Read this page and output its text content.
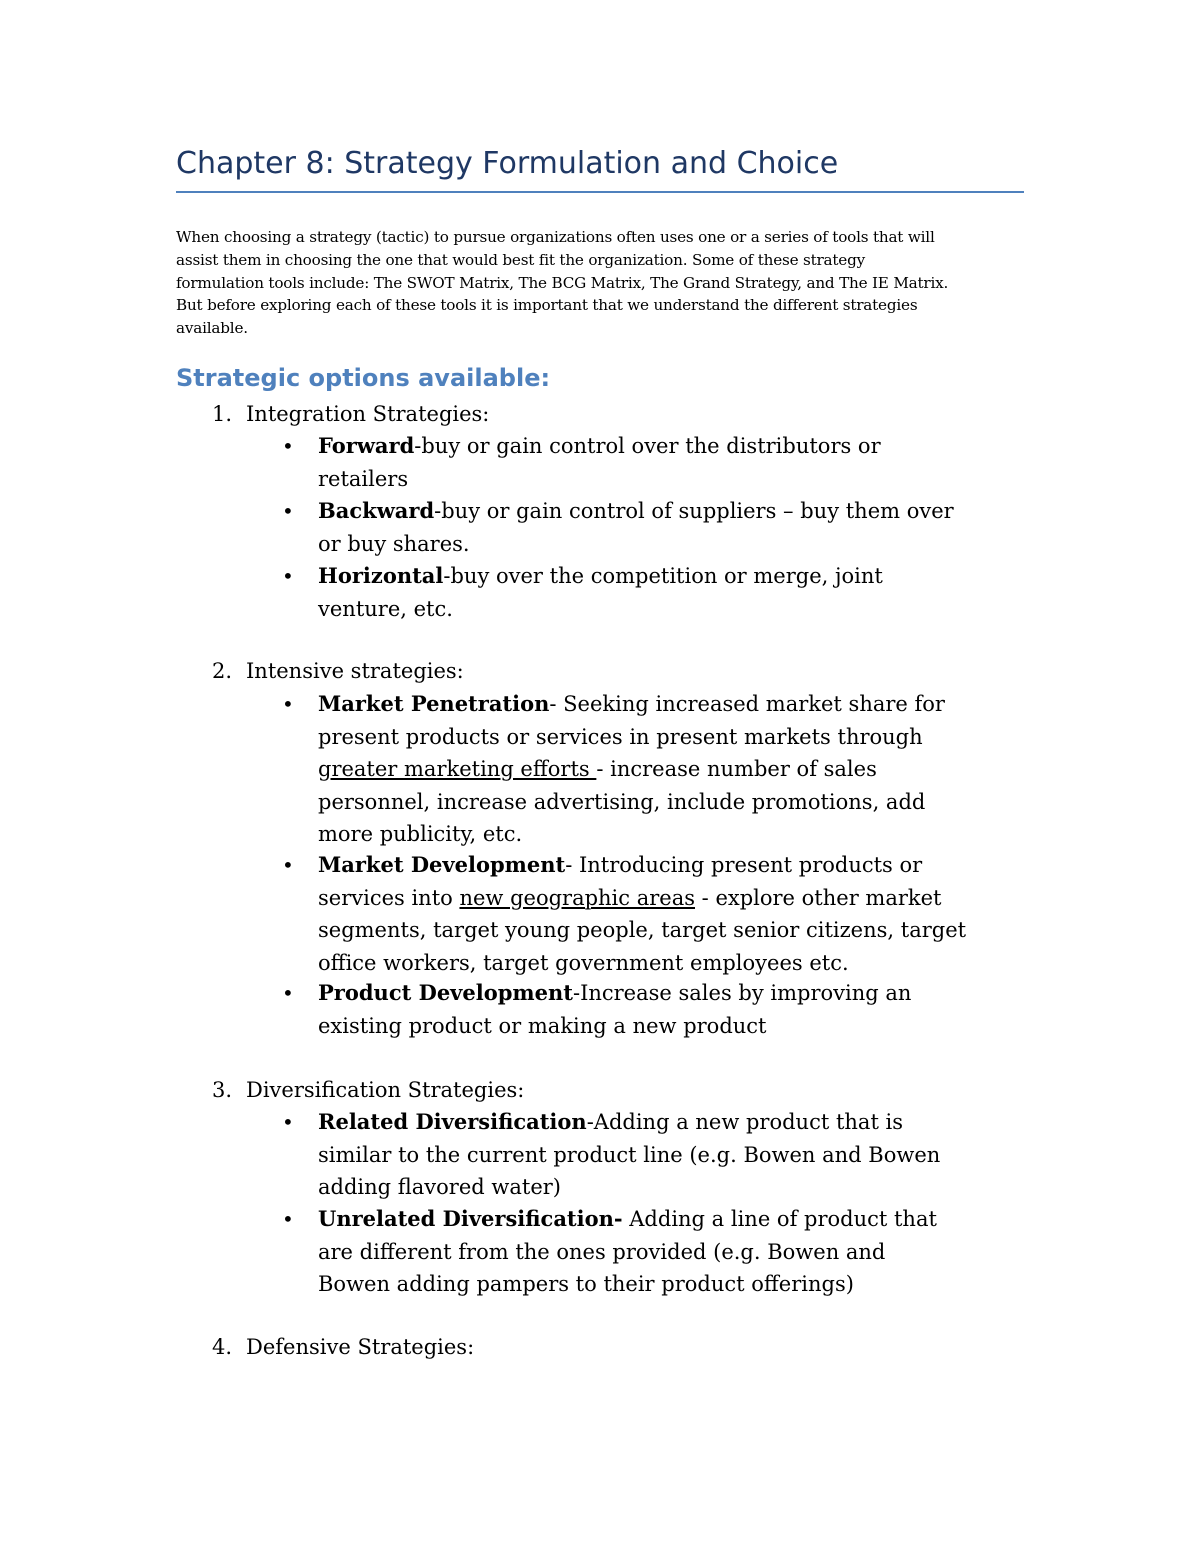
Chapter 8: Strategy Formulation and Choice

When choosing a strategy (tactic) to pursue organizations often uses one or a series of tools that will
assist them in choosing the one that would best fit the organization. Some of these strategy
formulation tools include: The SWOT Matrix, The BCG Matrix, The Grand Strategy, and The IE Matrix.
But before exploring each of these tools it is important that we understand the different strategies
available.

Strategic options available:
1. Integration Strategies:
• Forward-buy or gain control over the distributors or
retailers
• Backward-buy or gain control of suppliers – buy them over
or buy shares.
• Horizontal-buy over the competition or merge, joint
venture, etc.
2. Intensive strategies:
• Market Penetration- Seeking increased market share for
present products or services in present markets through
greater marketing efforts - increase number of sales
personnel, increase advertising, include promotions, add
more publicity, etc.
• Market Development- Introducing present products or
services into new geographic areas - explore other market
segments, target young people, target senior citizens, target
office workers, target government employees etc.
• Product Development-Increase sales by improving an
existing product or making a new product
3. Diversification Strategies:
• Related Diversification-Adding a new product that is
similar to the current product line (e.g. Bowen and Bowen
adding flavored water)
• Unrelated Diversification- Adding a line of product that
are different from the ones provided (e.g. Bowen and
Bowen adding pampers to their product offerings)
4. Defensive Strategies:
